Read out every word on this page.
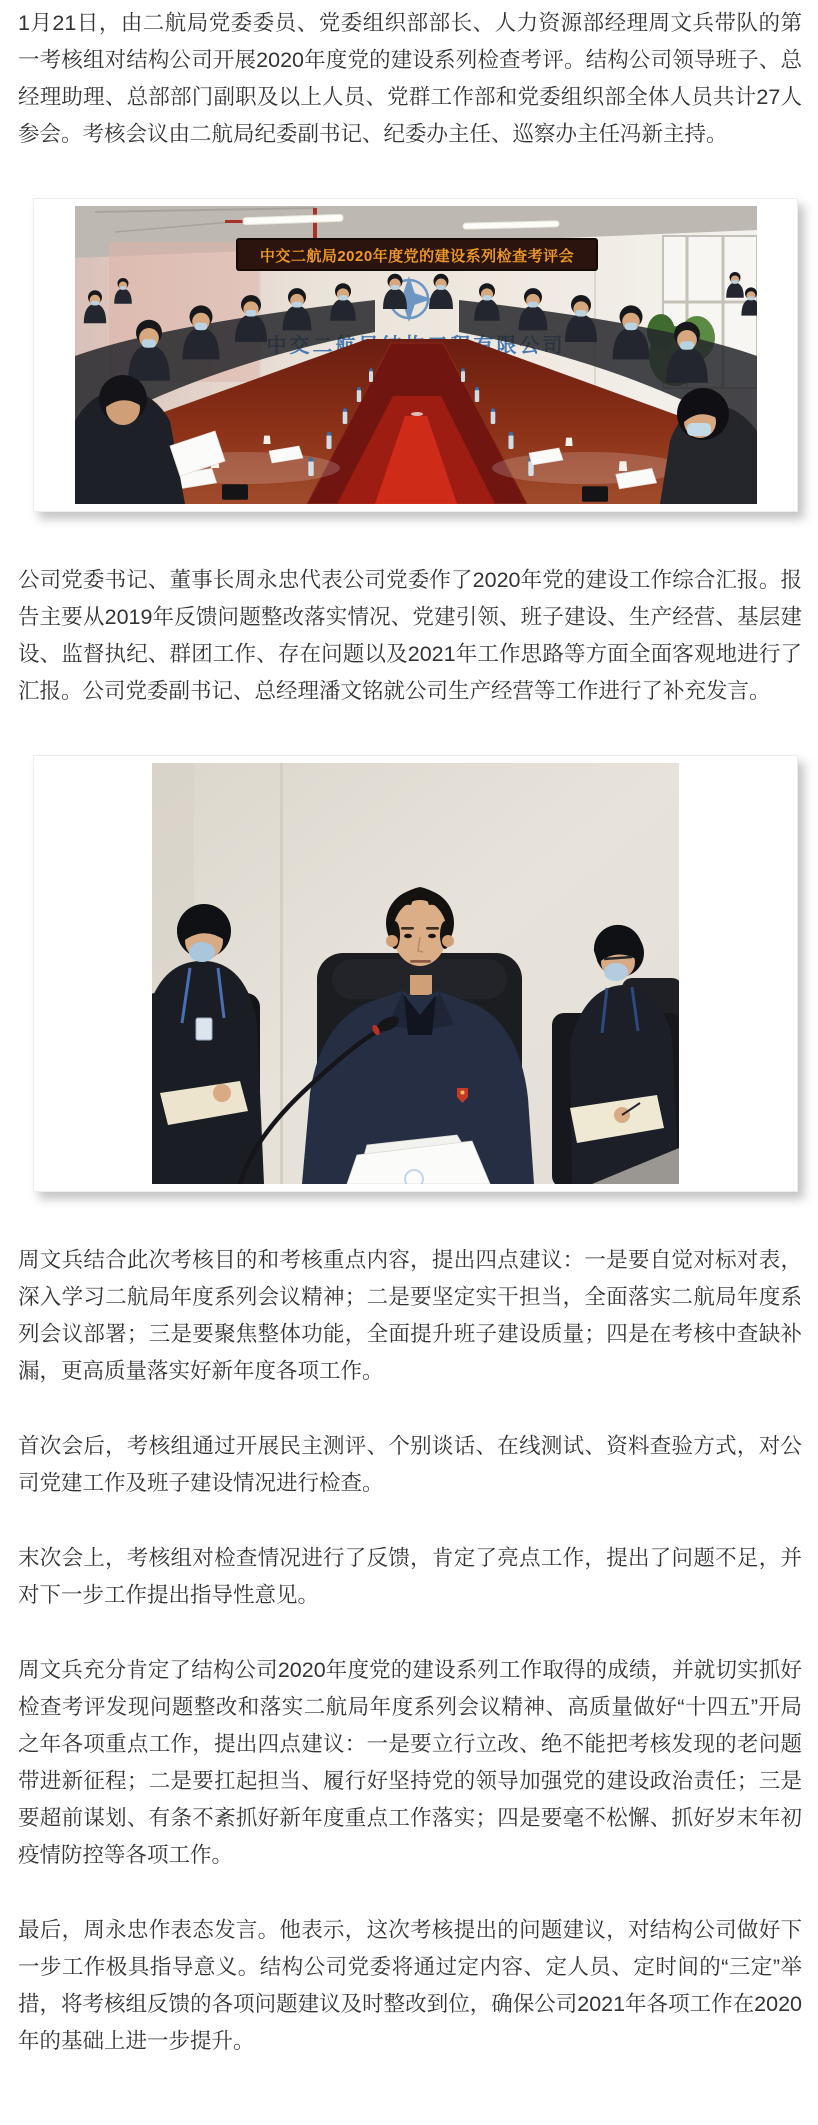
1月21日，由二航局党委委员、党委组织部部长、人力资源部经理周文兵带队的第一考核组对结构公司开展2020年度党的建设系列检查考评。结构公司领导班子、总经理助理、总部部门副职及以上人员、党群工作部和党委组织部全体人员共计27人参会。考核会议由二航局纪委副书记、纪委办主任、巡察办主任冯新主持。

中交二航局2020年度党的建设系列检查考评会

公司党委书记、董事长周永忠代表公司党委作了2020年党的建设工作综合汇报。报告主要从2019年反馈问题整改落实情况、党建引领、班子建设、生产经营、基层建设、监督执纪、群团工作、存在问题以及2021年工作思路等方面全面客观地进行了汇报。公司党委副书记、总经理潘文铭就公司生产经营等工作进行了补充发言。

周文兵结合此次考核目的和考核重点内容，提出四点建议：一是要自觉对标对表，深入学习二航局年度系列会议精神；二是要坚定实干担当，全面落实二航局年度系列会议部署；三是要聚焦整体功能，全面提升班子建设质量；四是在考核中查缺补漏，更高质量落实好新年度各项工作。

首次会后，考核组通过开展民主测评、个别谈话、在线测试、资料查验方式，对公司党建工作及班子建设情况进行检查。

末次会上，考核组对检查情况进行了反馈，肯定了亮点工作，提出了问题不足，并对下一步工作提出指导性意见。

周文兵充分肯定了结构公司2020年度党的建设系列工作取得的成绩，并就切实抓好检查考评发现问题整改和落实二航局年度系列会议精神、高质量做好“十四五”开局之年各项重点工作，提出四点建议：一是要立行立改、绝不能把考核发现的老问题带进新征程；二是要扛起担当、履行好坚持党的领导加强党的建设政治责任；三是要超前谋划、有条不紊抓好新年度重点工作落实；四是要毫不松懈、抓好岁末年初疫情防控等各项工作。

最后，周永忠作表态发言。他表示，这次考核提出的问题建议，对结构公司做好下一步工作极具指导意义。结构公司党委将通过定内容、定人员、定时间的“三定”举措，将考核组反馈的各项问题建议及时整改到位，确保公司2021年各项工作在2020年的基础上进一步提升。
